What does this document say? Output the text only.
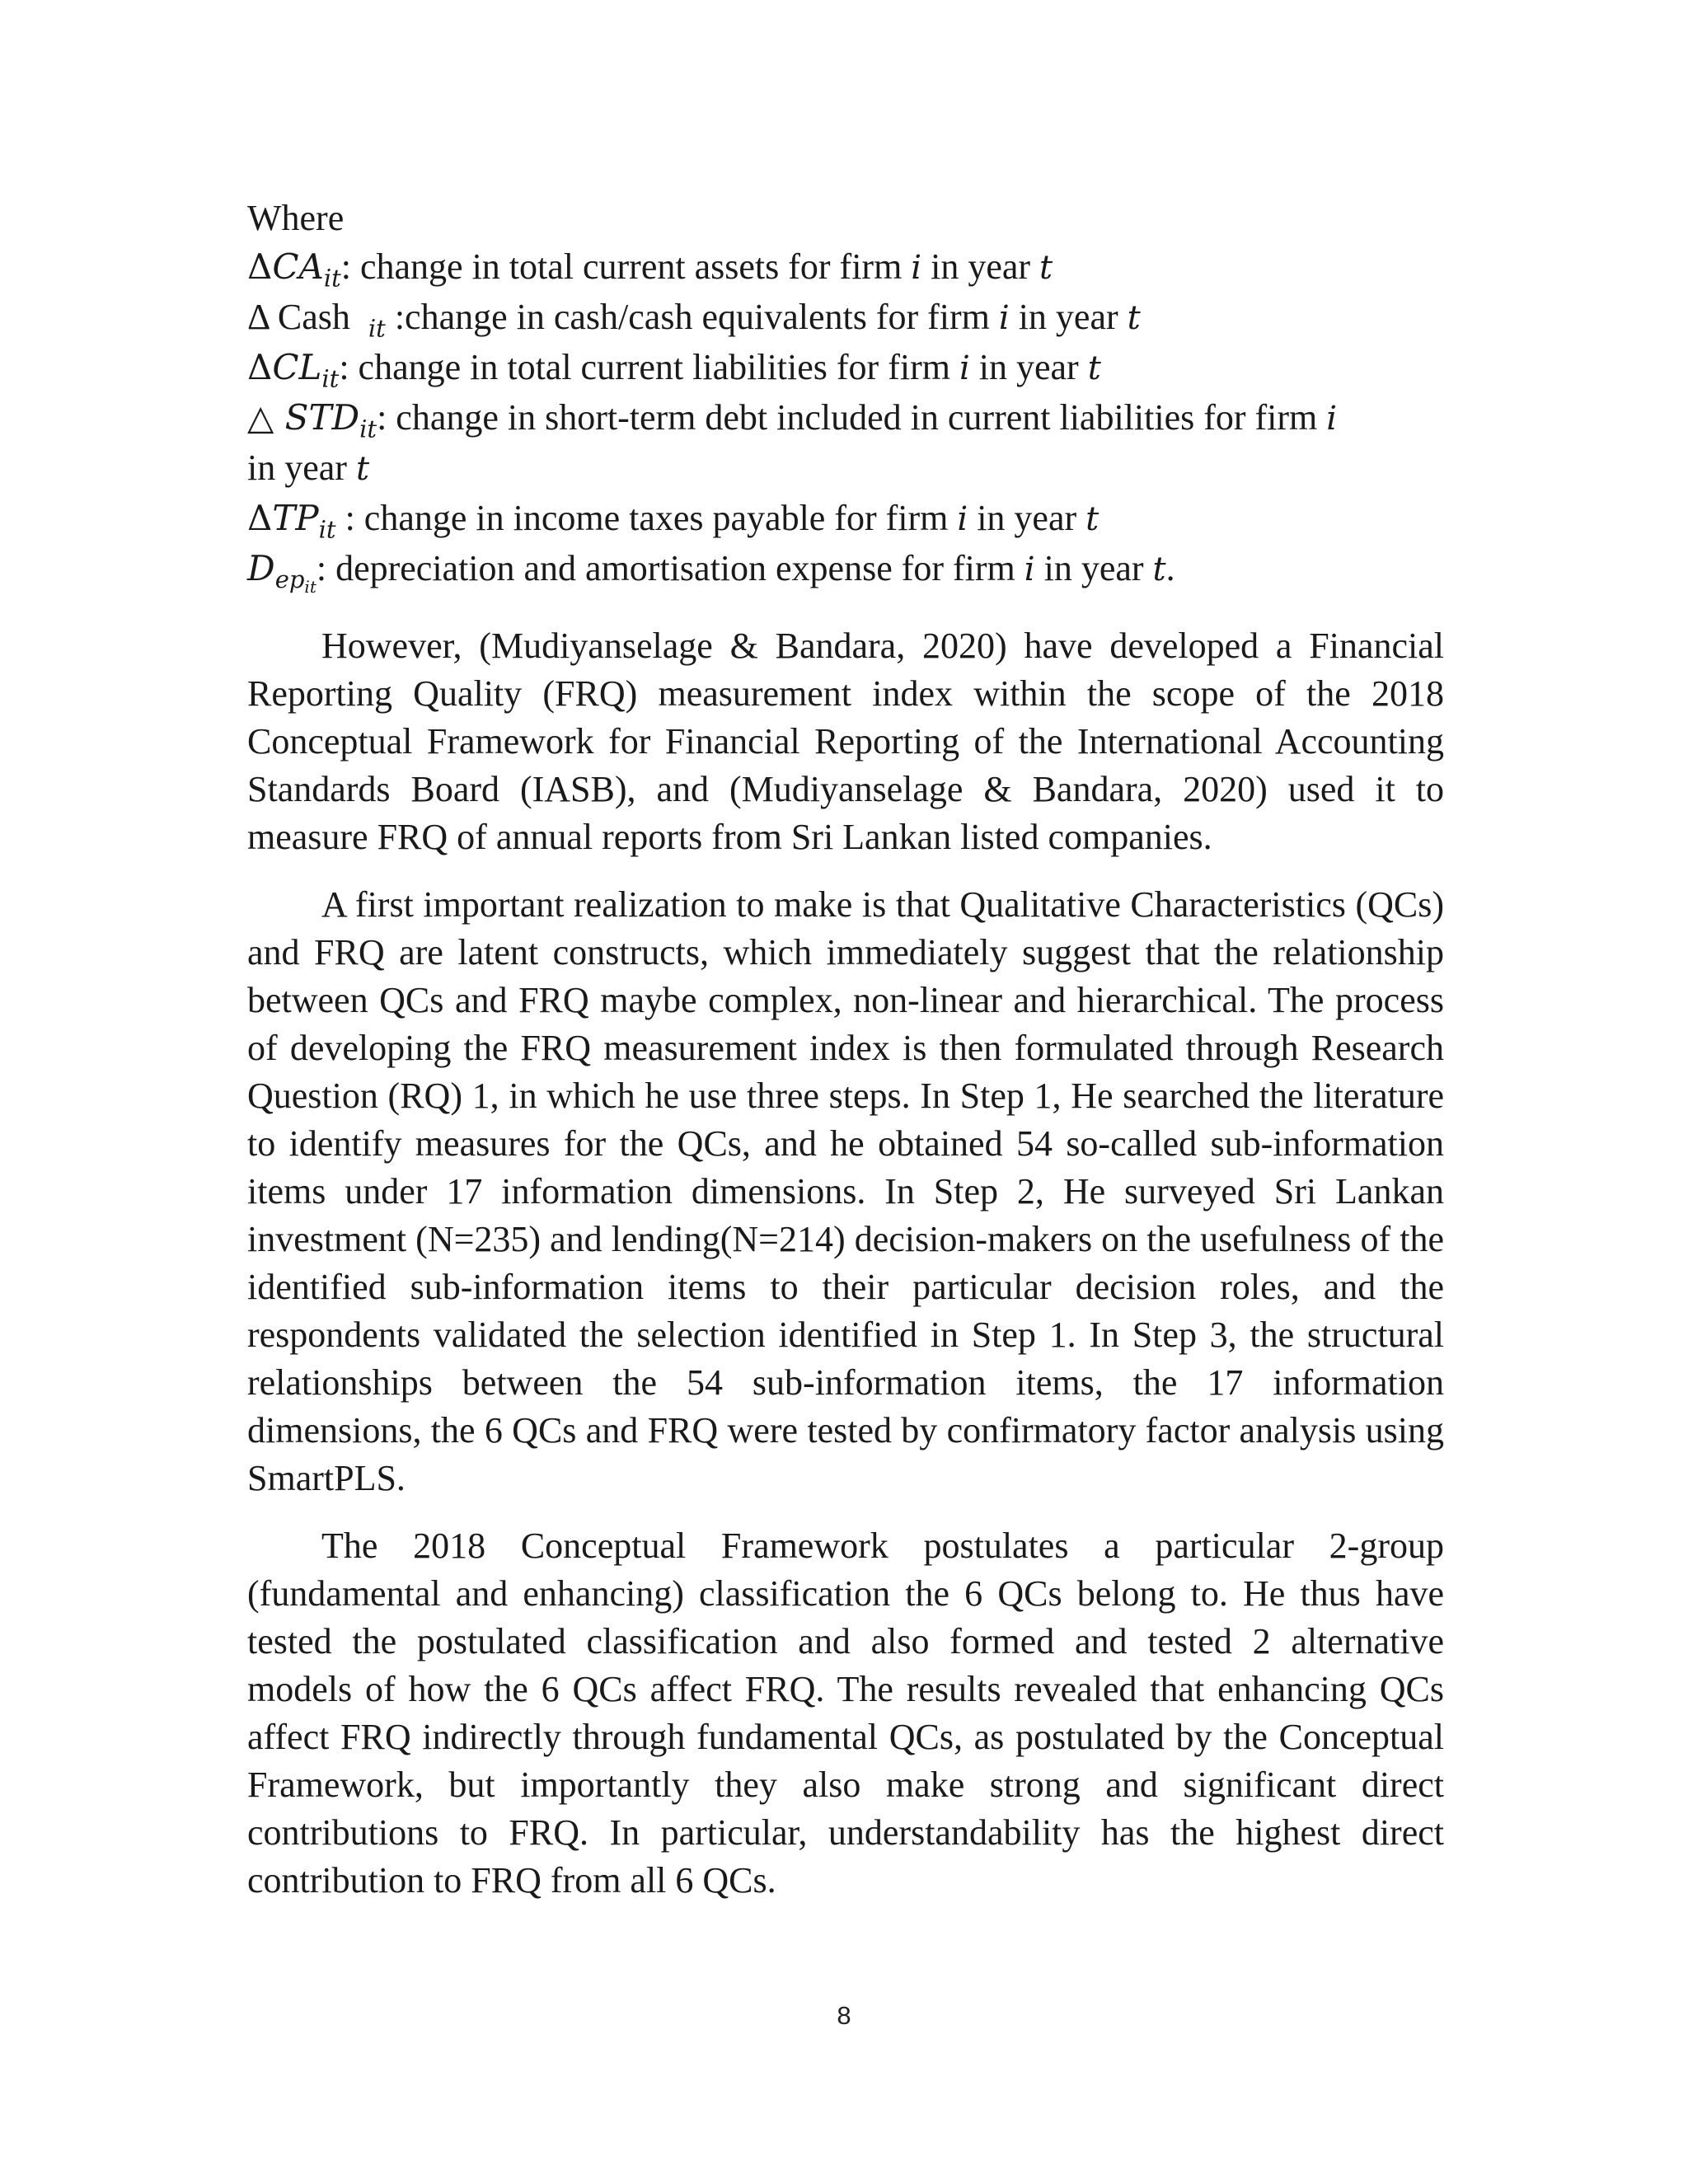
Where
$\Delta CA_{it}$: change in total current assets for firm i in year t
Δ Cash $_{it}$ :change in cash/cash equivalents for firm i in year t
$\Delta CL_{it}$: change in total current liabilities for firm i in year t
△ $STD_{it}$: change in short-term debt included in current liabilities for firm i
in year t
$\Delta TP_{it}$ : change in income taxes payable for firm i in year t
$D_{ep_{it}}$: depreciation and amortisation expense for firm i in year t.

However, (Mudiyanselage & Bandara, 2020) have developed a Financial Reporting Quality (FRQ) measurement index within the scope of the 2018 Conceptual Framework for Financial Reporting of the International Accounting Standards Board (IASB), and (Mudiyanselage & Bandara, 2020) used it to measure FRQ of annual reports from Sri Lankan listed companies.

A first important realization to make is that Qualitative Characteristics (QCs) and FRQ are latent constructs, which immediately suggest that the relationship between QCs and FRQ maybe complex, non-linear and hierarchical. The process of developing the FRQ measurement index is then formulated through Research Question (RQ) 1, in which he use three steps. In Step 1, He searched the literature to identify measures for the QCs, and he obtained 54 so-called sub-information items under 17 information dimensions. In Step 2, He surveyed Sri Lankan investment (N=235) and lending(N=214) decision-makers on the usefulness of the identified sub-information items to their particular decision roles, and the respondents validated the selection identified in Step 1. In Step 3, the structural relationships between the 54 sub-information items, the 17 information dimensions, the 6 QCs and FRQ were tested by confirmatory factor analysis using SmartPLS.

The 2018 Conceptual Framework postulates a particular 2-group (fundamental and enhancing) classification the 6 QCs belong to. He thus have tested the postulated classification and also formed and tested 2 alternative models of how the 6 QCs affect FRQ. The results revealed that enhancing QCs affect FRQ indirectly through fundamental QCs, as postulated by the Conceptual Framework, but importantly they also make strong and significant direct contributions to FRQ. In particular, understandability has the highest direct contribution to FRQ from all 6 QCs.

8
